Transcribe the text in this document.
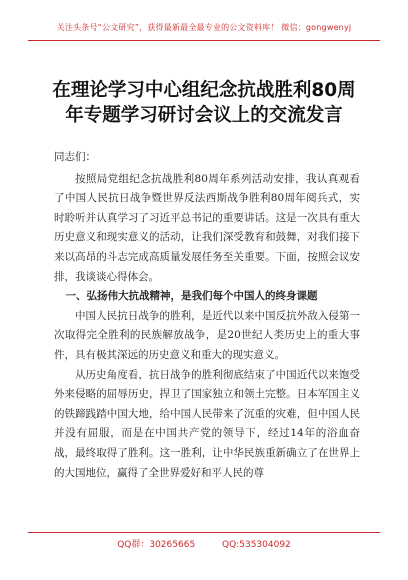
关注头条号“公文研究”，获得最新最全最专业的公文资料库！ 微信：gongwenyj
在理论学习中心组纪念抗战胜利80周
年专题学习研讨会议上的交流发言

同志们：

按照局党组纪念抗战胜利80周年系列活动安排，我认真观看了中国人民抗日战争暨世界反法西斯战争胜利80周年阅兵式，实时聆听并认真学习了习近平总书记的重要讲话。这是一次具有重大历史意义和现实意义的活动，让我们深受教育和鼓舞，对我们接下来以高昂的斗志完成高质量发展任务至关重要。下面，按照会议安排，我谈谈心得体会。

一、弘扬伟大抗战精神，是我们每个中国人的终身课题

中国人民抗日战争的胜利，是近代以来中国反抗外敌入侵第一次取得完全胜利的民族解放战争，是20世纪人类历史上的重大事件，具有极其深远的历史意义和重大的现实意义。

从历史角度看，抗日战争的胜利彻底结束了中国近代以来饱受外来侵略的屈辱历史，捍卫了国家独立和领土完整。日本军国主义的铁蹄践踏中国大地，给中国人民带来了沉重的灾难，但中国人民并没有屈服，而是在中国共产党的领导下，经过14年的浴血奋战，最终取得了胜利。这一胜利，让中华民族重新确立了在世界上的大国地位，赢得了全世界爱好和平人民的尊

QQ群：30265665	QQ:535304092
